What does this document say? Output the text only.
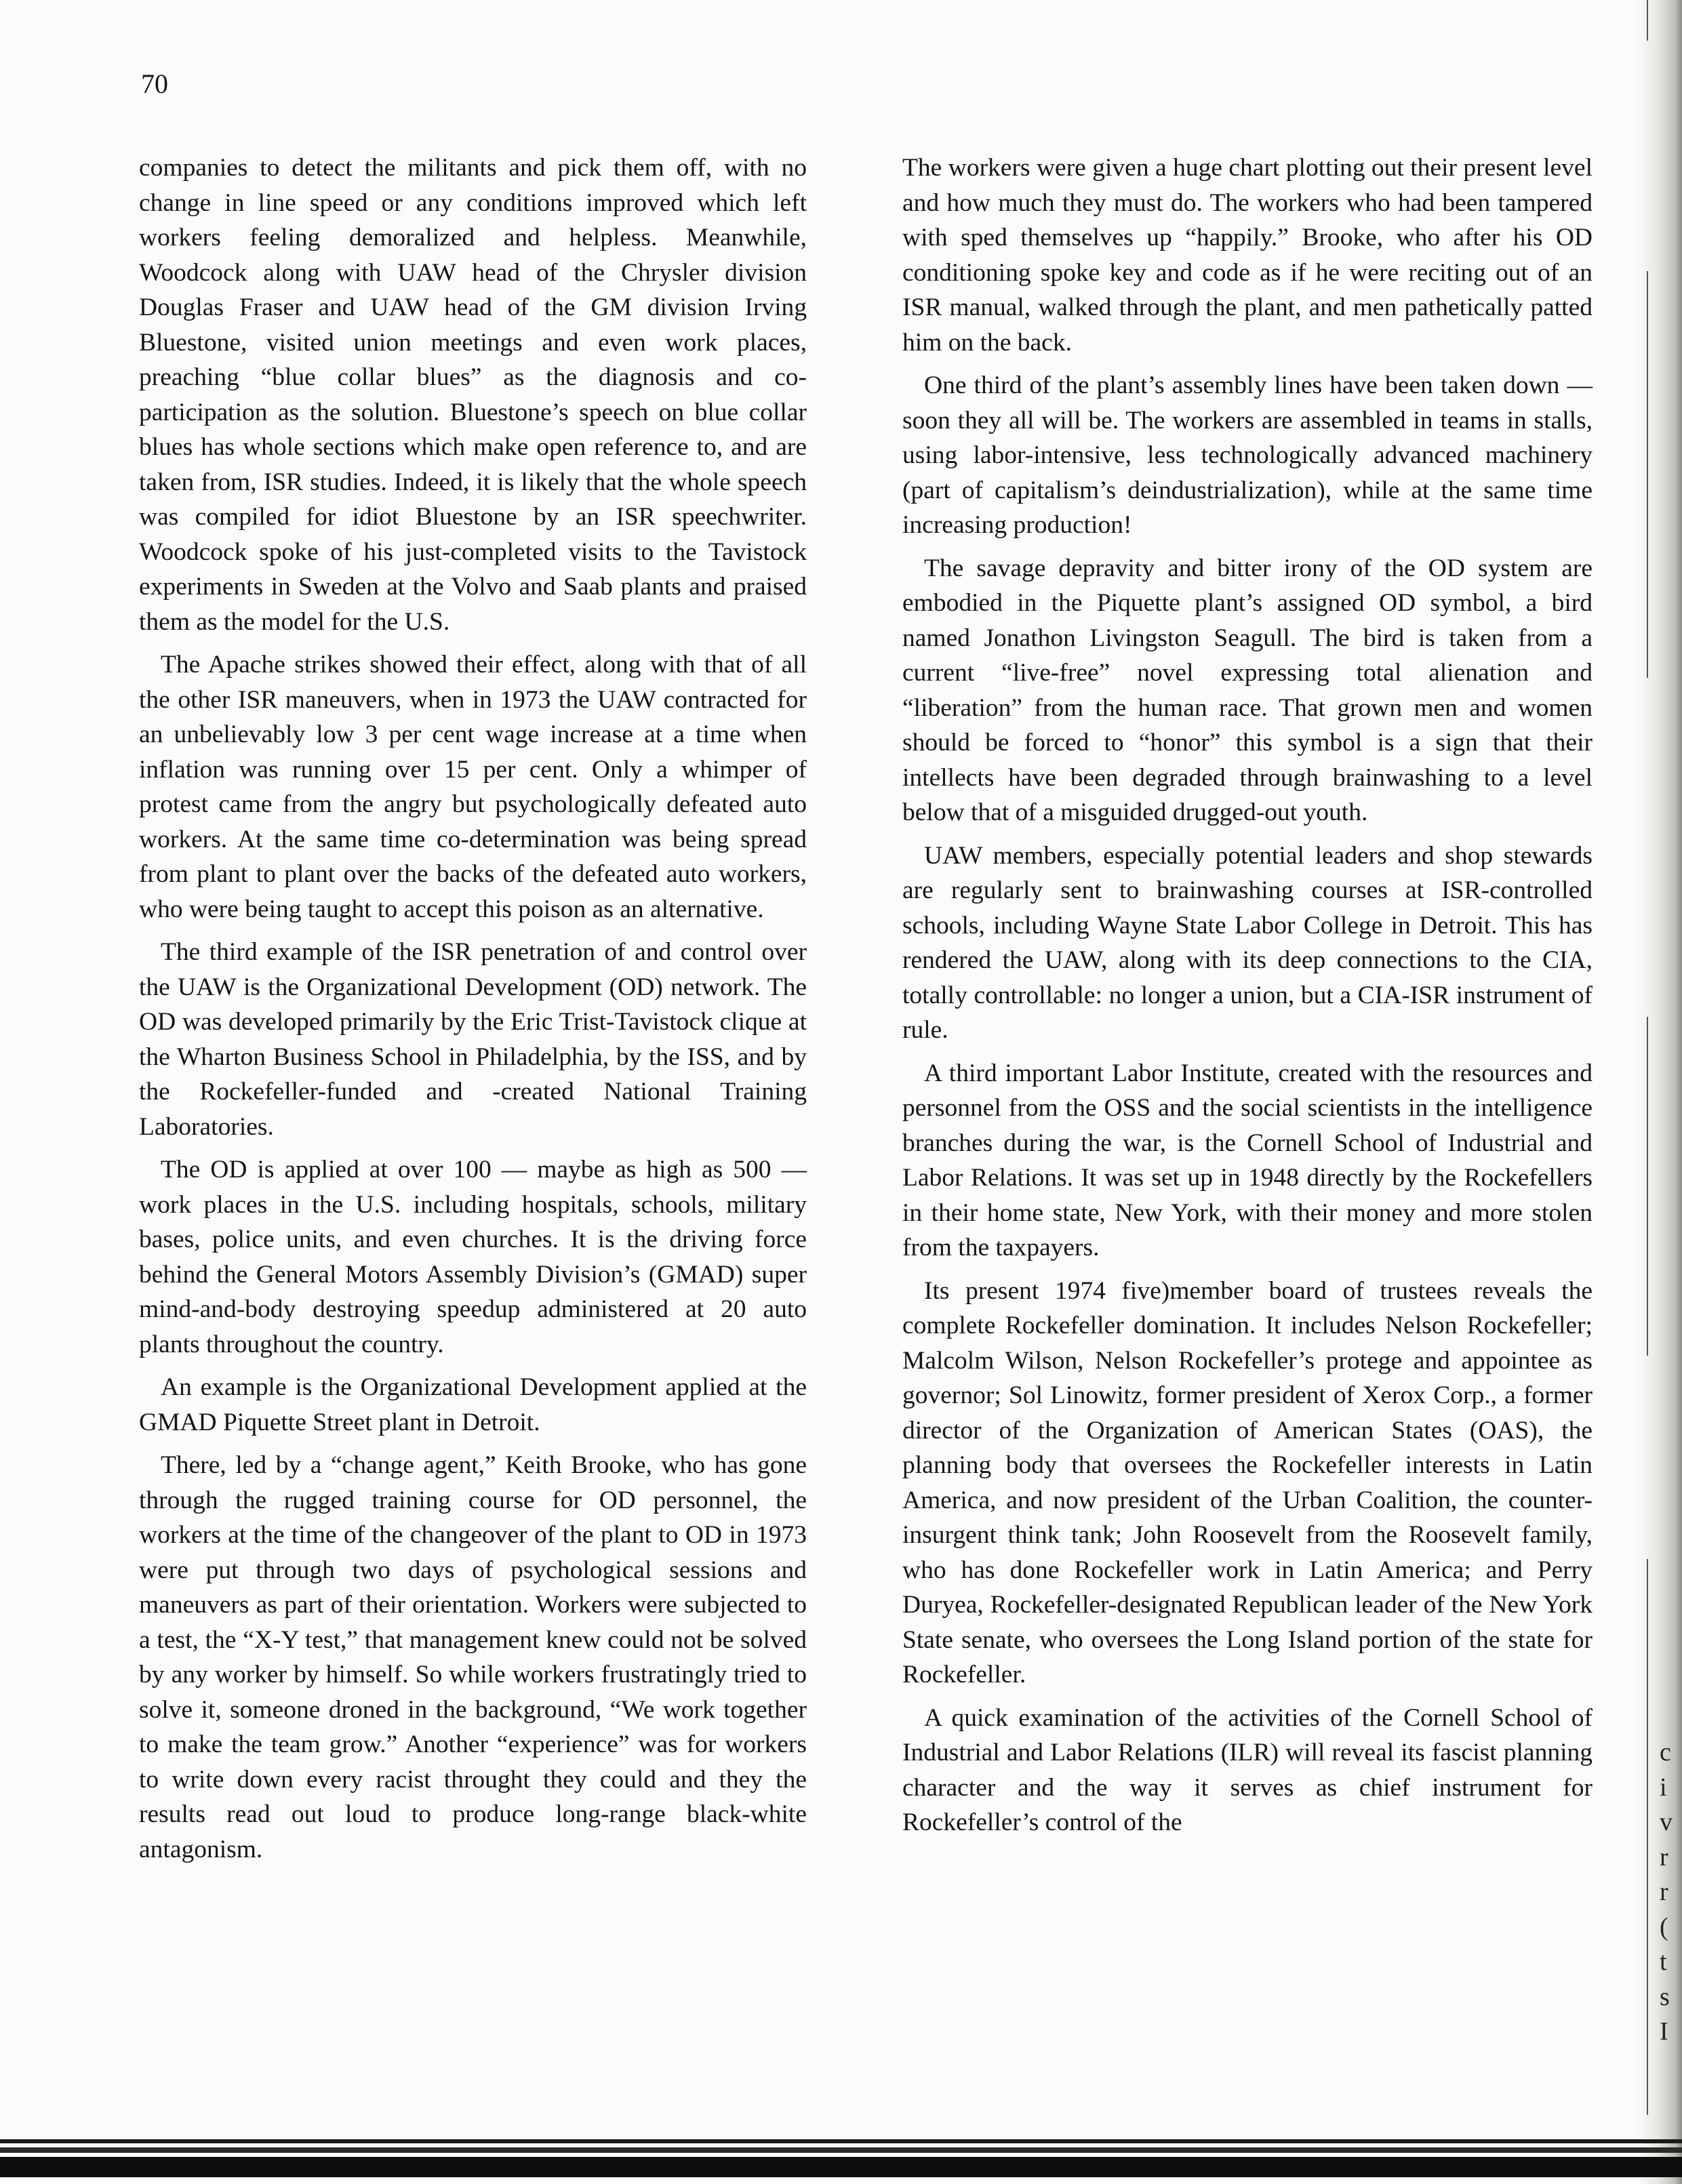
70

companies to detect the militants and pick them off, with no change in line speed or any conditions improved which left workers feeling demoralized and helpless. Meanwhile, Woodcock along with UAW head of the Chrysler division Douglas Fraser and UAW head of the GM division Irving Bluestone, visited union meetings and even work places, preaching “blue collar blues” as the diagnosis and co-participation as the solution. Bluestone’s speech on blue collar blues has whole sections which make open reference to, and are taken from, ISR studies. Indeed, it is likely that the whole speech was compiled for idiot Bluestone by an ISR speechwriter. Woodcock spoke of his just-completed visits to the Tavistock experiments in Sweden at the Volvo and Saab plants and praised them as the model for the U.S.

The Apache strikes showed their effect, along with that of all the other ISR maneuvers, when in 1973 the UAW contracted for an unbelievably low 3 per cent wage increase at a time when inflation was running over 15 per cent. Only a whimper of protest came from the angry but psychologically defeated auto workers. At the same time co-determination was being spread from plant to plant over the backs of the defeated auto workers, who were being taught to accept this poison as an alternative.

The third example of the ISR penetration of and control over the UAW is the Organizational Development (OD) network. The OD was developed primarily by the Eric Trist-Tavistock clique at the Wharton Business School in Philadelphia, by the ISS, and by the Rockefeller-funded and -created National Training Laboratories.

The OD is applied at over 100 — maybe as high as 500 — work places in the U.S. including hospitals, schools, military bases, police units, and even churches. It is the driving force behind the General Motors Assembly Division’s (GMAD) super mind-and-body destroying speedup administered at 20 auto plants throughout the country.

An example is the Organizational Development applied at the GMAD Piquette Street plant in Detroit.

There, led by a “change agent,” Keith Brooke, who has gone through the rugged training course for OD personnel, the workers at the time of the changeover of the plant to OD in 1973 were put through two days of psychological sessions and maneuvers as part of their orientation. Workers were subjected to a test, the “X-Y test,” that management knew could not be solved by any worker by himself. So while workers frustratingly tried to solve it, someone droned in the background, “We work together to make the team grow.” Another “experience” was for workers to write down every racist throught they could and they the results read out loud to produce long-range black-white antagonism.

The workers were given a huge chart plotting out their present level and how much they must do. The workers who had been tampered with sped themselves up “happily.” Brooke, who after his OD conditioning spoke key and code as if he were reciting out of an ISR manual, walked through the plant, and men pathetically patted him on the back.

One third of the plant’s assembly lines have been taken down — soon they all will be. The workers are assembled in teams in stalls, using labor-intensive, less technologically advanced machinery (part of capitalism’s deindustrialization), while at the same time increasing production!

The savage depravity and bitter irony of the OD system are embodied in the Piquette plant’s assigned OD symbol, a bird named Jonathon Livingston Seagull. The bird is taken from a current “live-free” novel expressing total alienation and “liberation” from the human race. That grown men and women should be forced to “honor” this symbol is a sign that their intellects have been degraded through brainwashing to a level below that of a misguided drugged-out youth.

UAW members, especially potential leaders and shop stewards are regularly sent to brainwashing courses at ISR-controlled schools, including Wayne State Labor College in Detroit. This has rendered the UAW, along with its deep connections to the CIA, totally controllable: no longer a union, but a CIA-ISR instrument of rule.

A third important Labor Institute, created with the resources and personnel from the OSS and the social scientists in the intelligence branches during the war, is the Cornell School of Industrial and Labor Relations. It was set up in 1948 directly by the Rockefellers in their home state, New York, with their money and more stolen from the taxpayers.

Its present 1974 five)member board of trustees reveals the complete Rockefeller domination. It includes Nelson Rockefeller; Malcolm Wilson, Nelson Rockefeller’s protege and appointee as governor; Sol Linowitz, former president of Xerox Corp., a former director of the Organization of American States (OAS), the planning body that oversees the Rockefeller interests in Latin America, and now president of the Urban Coalition, the counter-insurgent think tank; John Roosevelt from the Roosevelt family, who has done Rockefeller work in Latin America; and Perry Duryea, Rockefeller-designated Republican leader of the New York State senate, who oversees the Long Island portion of the state for Rockefeller.

A quick examination of the activities of the Cornell School of Industrial and Labor Relations (ILR) will reveal its fascist planning character and the way it serves as chief instrument for Rockefeller’s control of the

c
i
v
r
r
(
t
s
I
